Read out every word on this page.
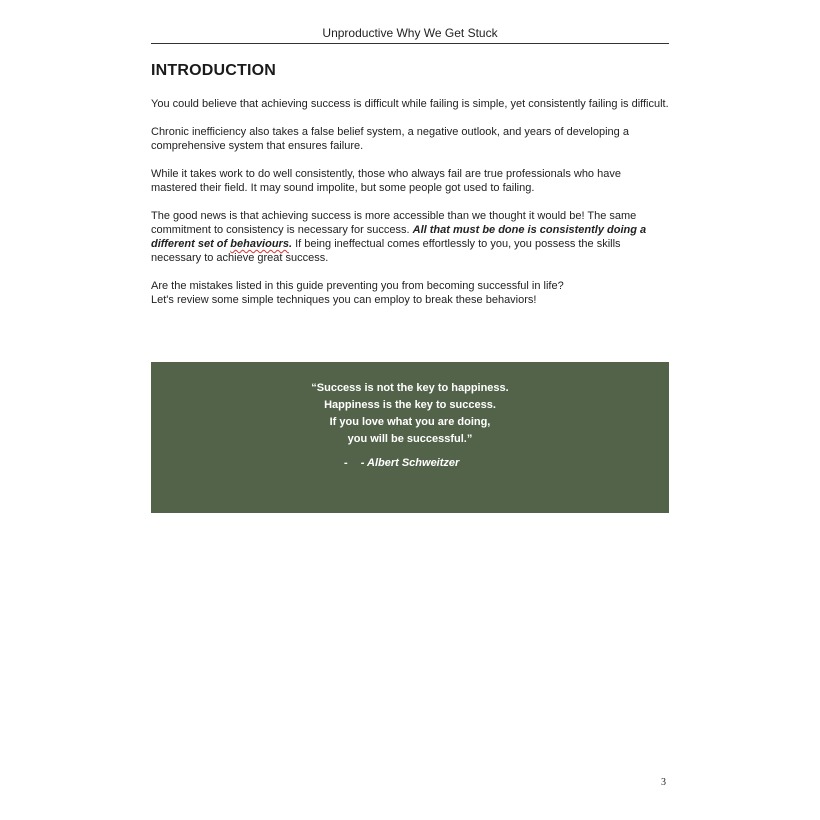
Unproductive Why We Get Stuck
INTRODUCTION

You could believe that achieving success is difficult while failing is simple, yet consistently failing is difficult.

Chronic inefficiency also takes a false belief system, a negative outlook, and years of developing a comprehensive system that ensures failure.

While it takes work to do well consistently, those who always fail are true professionals who have mastered their field. It may sound impolite, but some people got used to failing.

The good news is that achieving success is more accessible than we thought it would be! The same commitment to consistency is necessary for success. All that must be done is consistently doing a different set of behaviours. If being ineffectual comes effortlessly to you, you possess the skills necessary to achieve great success.

Are the mistakes listed in this guide preventing you from becoming successful in life?
Let's review some simple techniques you can employ to break these behaviors!

“Success is not the key to happiness.
Happiness is the key to success.
If you love what you are doing,
you will be successful.”
- - Albert Schweitzer
3
